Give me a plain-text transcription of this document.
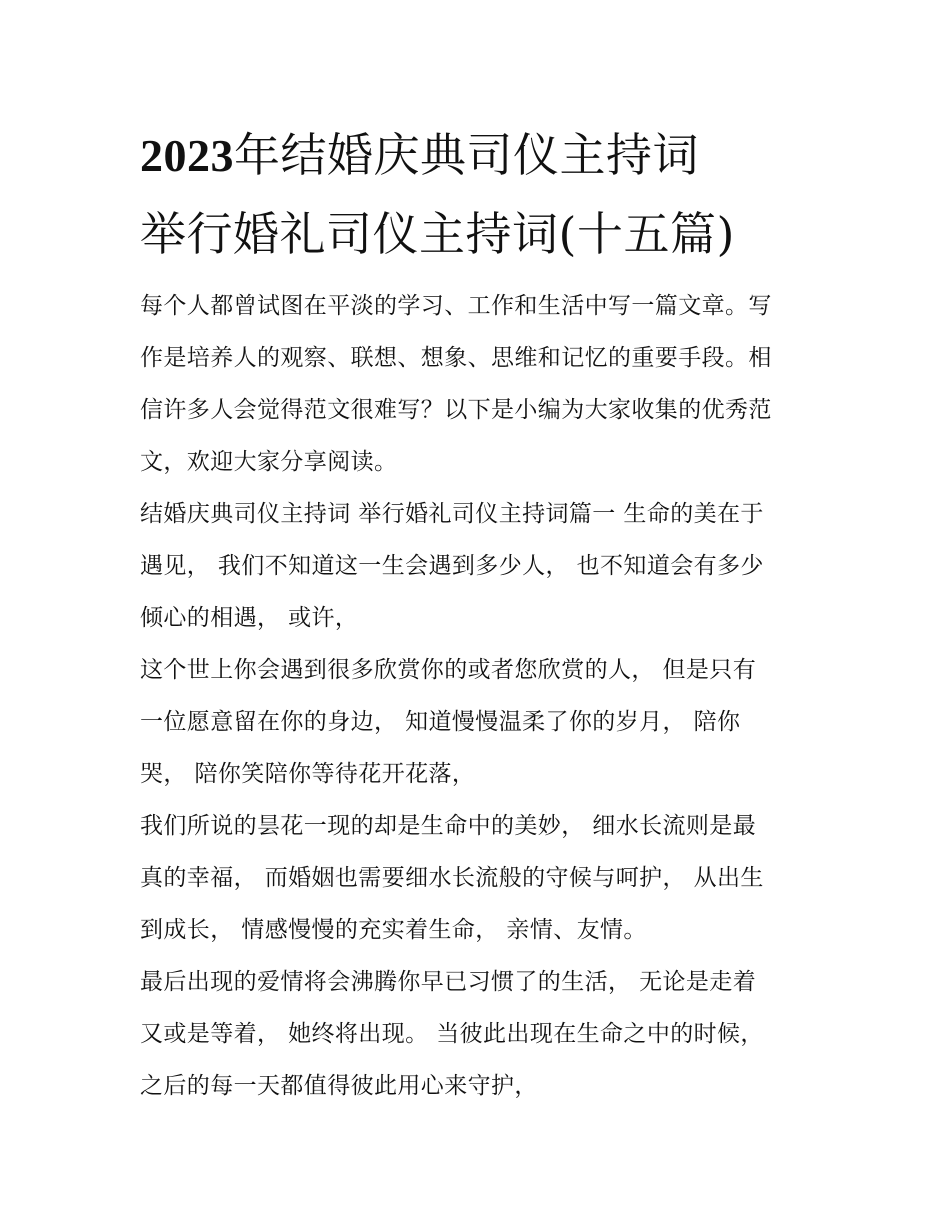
2023年结婚庆典司仪主持词
举行婚礼司仪主持词(十五篇)

每个人都曾试图在平淡的学习、工作和生活中写一篇文章。写
作是培养人的观察、联想、想象、思维和记忆的重要手段。相
信许多人会觉得范文很难写？以下是小编为大家收集的优秀范
文，欢迎大家分享阅读。

结婚庆典司仪主持词 举行婚礼司仪主持词篇一 生命的美在于
遇见， 我们不知道这一生会遇到多少人， 也不知道会有多少
倾心的相遇， 或许，

这个世上你会遇到很多欣赏你的或者您欣赏的人， 但是只有
一位愿意留在你的身边， 知道慢慢温柔了你的岁月， 陪你
哭， 陪你笑陪你等待花开花落，

我们所说的昙花一现的却是生命中的美妙， 细水长流则是最
真的幸福， 而婚姻也需要细水长流般的守候与呵护， 从出生
到成长， 情感慢慢的充实着生命， 亲情、友情。

最后出现的爱情将会沸腾你早已习惯了的生活， 无论是走着
又或是等着， 她终将出现。 当彼此出现在生命之中的时候，
之后的每一天都值得彼此用心来守护，
